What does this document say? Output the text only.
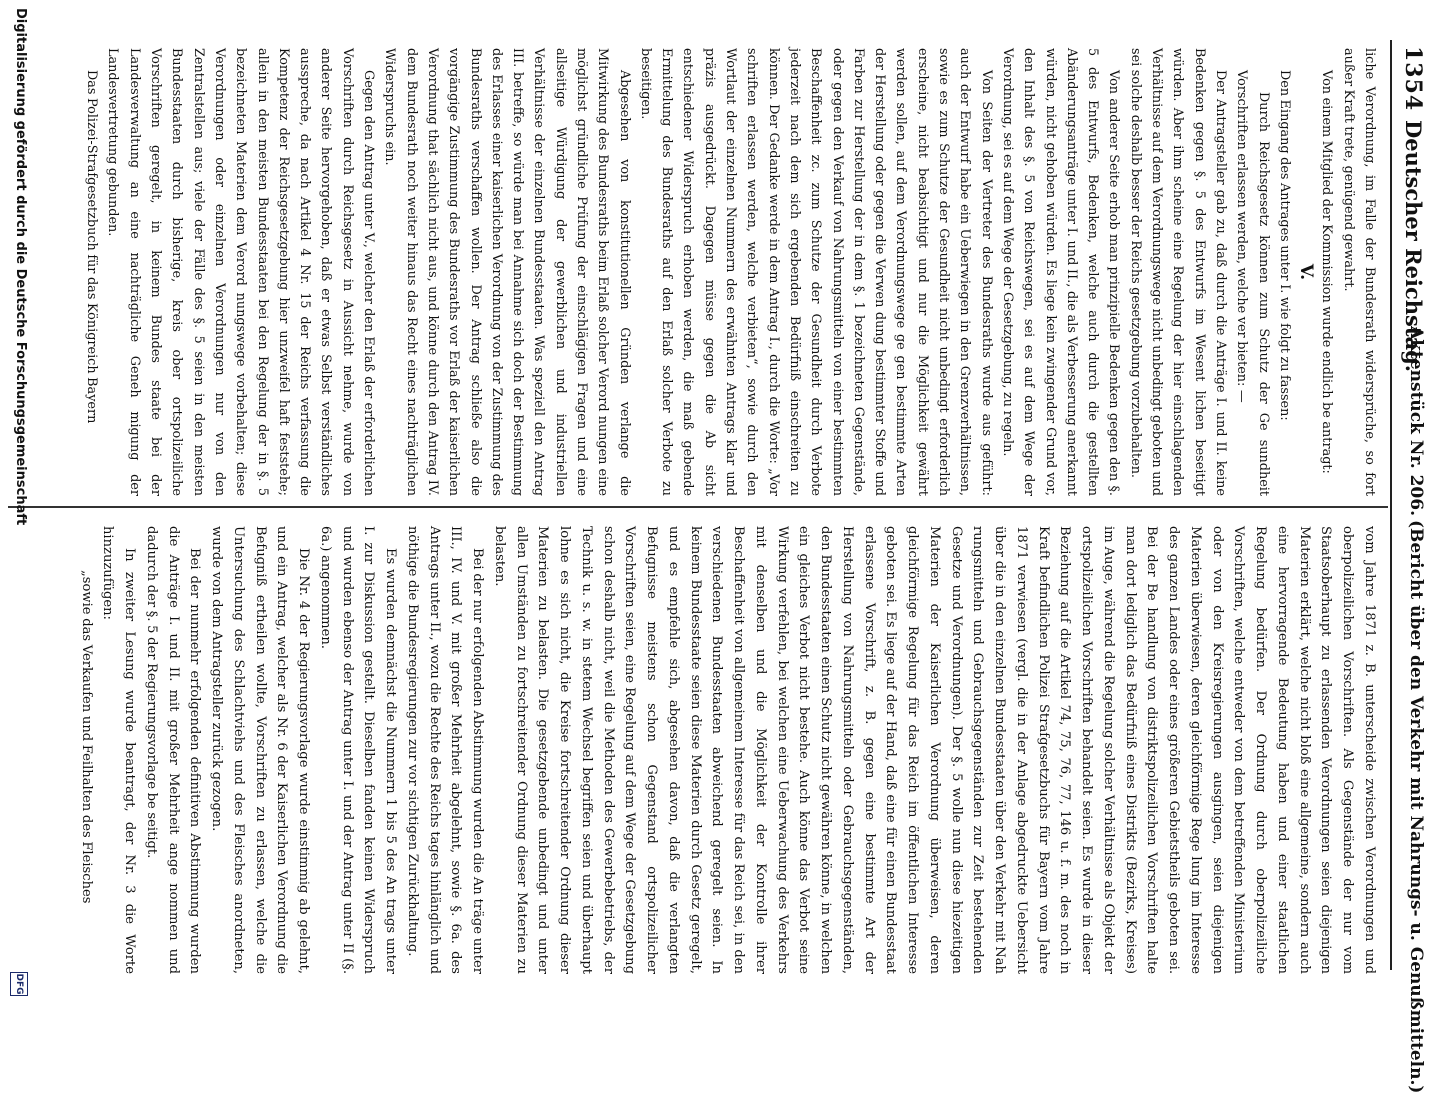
1354
Deutscher Reichstag.
Aktenstück Nr. 206.
(Bericht über den Verkehr mit Nahrungs- u. Genußmitteln.)

liche Verordnung, im Falle der Bundesrath widersprüche, so fort außer Kraft trete, genügend gewahrt.

Von einem Mitglied der Kommission wurde endlich be antragt:

V.

Den Eingang des Antrages unter I. wie folgt zu fassen:

Durch Reichsgesetz können zum Schutz der Ge sundheit Vorschriften erlassen werden, welche ver bieten: —

Der Antragsteller gab zu, daß durch die Anträge I. und II. keine Bedenken gegen §. 5 des Entwurfs im Wesent lichen beseitigt würden. Aber ihm scheine eine Regelung der hier einschlagenden Verhältnisse auf dem Verordnungswege nicht unbedingt geboten und sei solche deshalb besser der Reichs gesetzgebung vorzubehalten.

Von anderer Seite erhob man prinzipielle Bedenken gegen den §. 5 des Entwurfs, Bedenken, welche auch durch die gestellten Abänderungsanträge unter I. und II., die als Verbesserung anerkannt würden, nicht gehoben würden. Es liege kein zwingender Grund vor, den Inhalt des §. 5 von Reichswegen, sei es auf dem Wege der Verordnung, sei es auf dem Wege der Gesetzgebung, zu regeln.

Von Seiten der Vertreter des Bundesraths wurde aus geführt: auch der Entwurf habe ein Ueberwiegen in den Grenzverhältnissen, sowie es zum Schutze der Gesundheit nicht unbedingt erforderlich erscheine, nicht beabsichtigt und nur die Möglichkeit gewährt werden sollen, auf dem Verordnungswege ge gen bestimmte Arten der Herstellung oder gegen die Verwen dung bestimmter Stoffe und Farben zur Herstellung der in dem §. 1 bezeichneten Gegenstände, oder gegen den Verkauf von Nahrungsmitteln von einer bestimmten Beschaffenheit zc. zum Schutze der Gesundheit durch Verbote jederzeit nach dem sich ergebenden Bedürfniß einschreiten zu können. Der Gedanke werde in dem Antrag I., durch die Worte: „Vor schriften erlassen werden, welche verbieten“, sowie durch den Wortlaut der einzelnen Nummern des erwähnten Antrags klar und präzis ausgedrückt. Dagegen müsse gegen die Ab sicht entschiedener Widerspruch erhoben werden, die maß gebende Ermittelung des Bundesraths auf den Erlaß solcher Verbote zu beseitigen.

Abgesehen von konstitutionellen Gründen verlange die Mitwirkung des Bundesraths beim Erlaß solcher Verord nungen eine möglichst gründliche Prüfung der einschlägigen Fragen und eine allseitige Würdigung der gewerblichen und industriellen Verhältnisse der einzelnen Bundesstaaten. Was speziell den Antrag III. betreffe, so würde man bei Annahme sich doch der Bestimmung des Erlasses einer kaiserlichen Verordnung von der Zustimmung des Bundesraths verschaffen wollen. Der Antrag schließe also die vorgängige Zustimmung des Bundesraths vor Erlaß der kaiserlichen Verordnung that sächlich nicht aus, und könne durch den Antrag IV. dem Bundesrath noch weiter hinaus das Recht eines nachträglichen Widerspruchs ein.

Gegen den Antrag unter V., welcher den Erlaß der erforderlichen Vorschriften durch Reichsgesetz in Aussicht nehme, wurde von anderer Seite hervorgehoben, daß er etwas Selbst verständliches ausspreche, da nach Artikel 4 Nr. 15 der Reichs verfassung die Kompetenz der Reichsgesetzgebung hier unzweifel haft feststehe; allein in den meisten Bundesstaaten bei den Regelung der in §. 5 bezeichneten Materien dem Verord nungswege vorbehalten; diese Verordnungen oder einzelnen Verordnungen nur von den Zentralstellen aus; viele der Fälle des §. 5 seien in den meisten Bundesstaaten durch bisherige, kreis ober ortspolizeiliche Vorschriften geregelt, in keinem Bundes staate bei der Landesverwaltung an eine nachträgliche Geneh migung der Landesvertretung gebunden.

Das Polizei-Strafgesetzbuch für das Königreich Bayern

vom Jahre 1871 z. B. unterscheide zwischen Verordnungen und oberpolizeilichen Vorschriften. Als Gegenstände der nur vom Staatsoberhaupt zu erlassenden Verordnungen seien diejenigen Materien erklärt, welche nicht bloß eine allgemeine, sondern auch eine hervorragende Bedeutung haben und einer staatlichen Regelung bedürfen. Der Ordnung durch oberpolizeiliche Vorschriften, welche entweder von dem betreffenden Ministerium oder von den Kreisregierungen ausgingen, seien diejenigen Materien überwiesen, deren gleichförmige Rege lung im Interesse des ganzen Landes oder eines größeren Gebietstheils geboten sei. Bei der Be handlung von distriktspolizeilichen Vorschriften halte man dort lediglich das Bedürfniß eines Distrikts (Bezirks, Kreises) im Auge, während die Regelung solcher Verhältnisse als Objekt der ortspolizeilichen Vorschriften behandelt seien. Es wurde in dieser Beziehung auf die Artikel 74, 75, 76, 77, 146 u. f. m. des noch in Kraft befindlichen Polizei Strafgesetzbuchs für Bayern vom Jahre 1871 verwiesen (vergl. die in der Anlage abgedruckte Uebersicht über die in den einzelnen Bundesstaaten über den Verkehr mit Nah rungsmitteln und Gebrauchsgegenständen zur Zeit bestehenden Gesetze und Verordnungen). Der §. 5 wolle nun diese hiezeitigen Materien der Kaiserlichen Verordnung überweisen, deren gleichförmige Regelung für das Reich im öffentlichen Interesse geboten sei. Es liege auf der Hand, daß eine für einen Bundesstaat erlassene Vorschrift, z. B. gegen eine bestimmte Art der Herstellung von Nahrungsmitteln oder Gebrauchsgegenständen, den Bundesstaaten einen Schutz nicht gewähren könne, in welchen ein gleiches Verbot nicht bestehe. Auch könne das Verbot seine Wirkung verfehlen, bei welchen eine Ueberwachung des Verkehrs mit denselben und die Möglichkeit der Kontrolle ihrer Beschaffenheit von allgemeinem Interesse für das Reich sei, in den verschiedenen Bundesstaaten abweichend geregelt seien. In keinem Bundesstaate seien diese Materien durch Gesetz geregelt, und es empfehle sich, abgesehen davon, daß die verlangten Befugnisse meistens schon Gegenstand ortspolizeilicher Vorschriften seien, eine Regelung auf dem Wege der Gesetzgebung schon deshalb nicht, weil die Methoden des Gewerbebetriebs, der Technik u. s. w. in stetem Wechsel begriffen seien und überhaupt lohne es sich nicht, die Kreise fortschreitender Ordnung dieser Materien zu belasten. Die gesetzgebende unbedingt und unter allen Umständen zu fortschreitender Ordnung dieser Materien zu belasten.

Bei der nur erfolgenden Abstimmung wurden die An träge unter III., IV. und V. mit großer Mehrheit abgelehnt, sowie §. 6a. des Antrags unter II., wozu die Rechte des Reichs tages hinlänglich und nöthige die Bundesregierungen zur vor sichtigen Zurückhaltung.

Es wurden demnächst die Nummern 1 bis 5 des An trags unter I. zur Diskussion gestellt. Dieselben fanden keinen Widerspruch und wurden ebenso der Antrag unter I. und der Antrag unter II (§. 6a.) angenommen.

Die Nr. 4 der Regierungsvorlage wurde einstimmig ab gelehnt, und ein Antrag, welcher als Nr. 6 der Kaiserlichen Verordnung die Befugniß ertheilen wollte, Vorschriften zu erlassen, welche die Untersuchung des Schlachtviehs und des Fleisches anordneten, wurde von dem Antragsteller zurück gezogen.

Bei der nunmehr erfolgenden definitiven Abstimmung wurden die Anträge I. und II. mit großer Mehrheit ange nommen und dadurch der §. 5 der Regierungsvorlage be seitigt.

In zweiter Lesung wurde beantragt, der Nr. 3 die Worte hinzuzufügen:

„sowie das Verkaufen und Feilhalten des Fleisches

Digitalisierung gefördert durch die Deutsche Forschungsgemeinschaft
DFG
